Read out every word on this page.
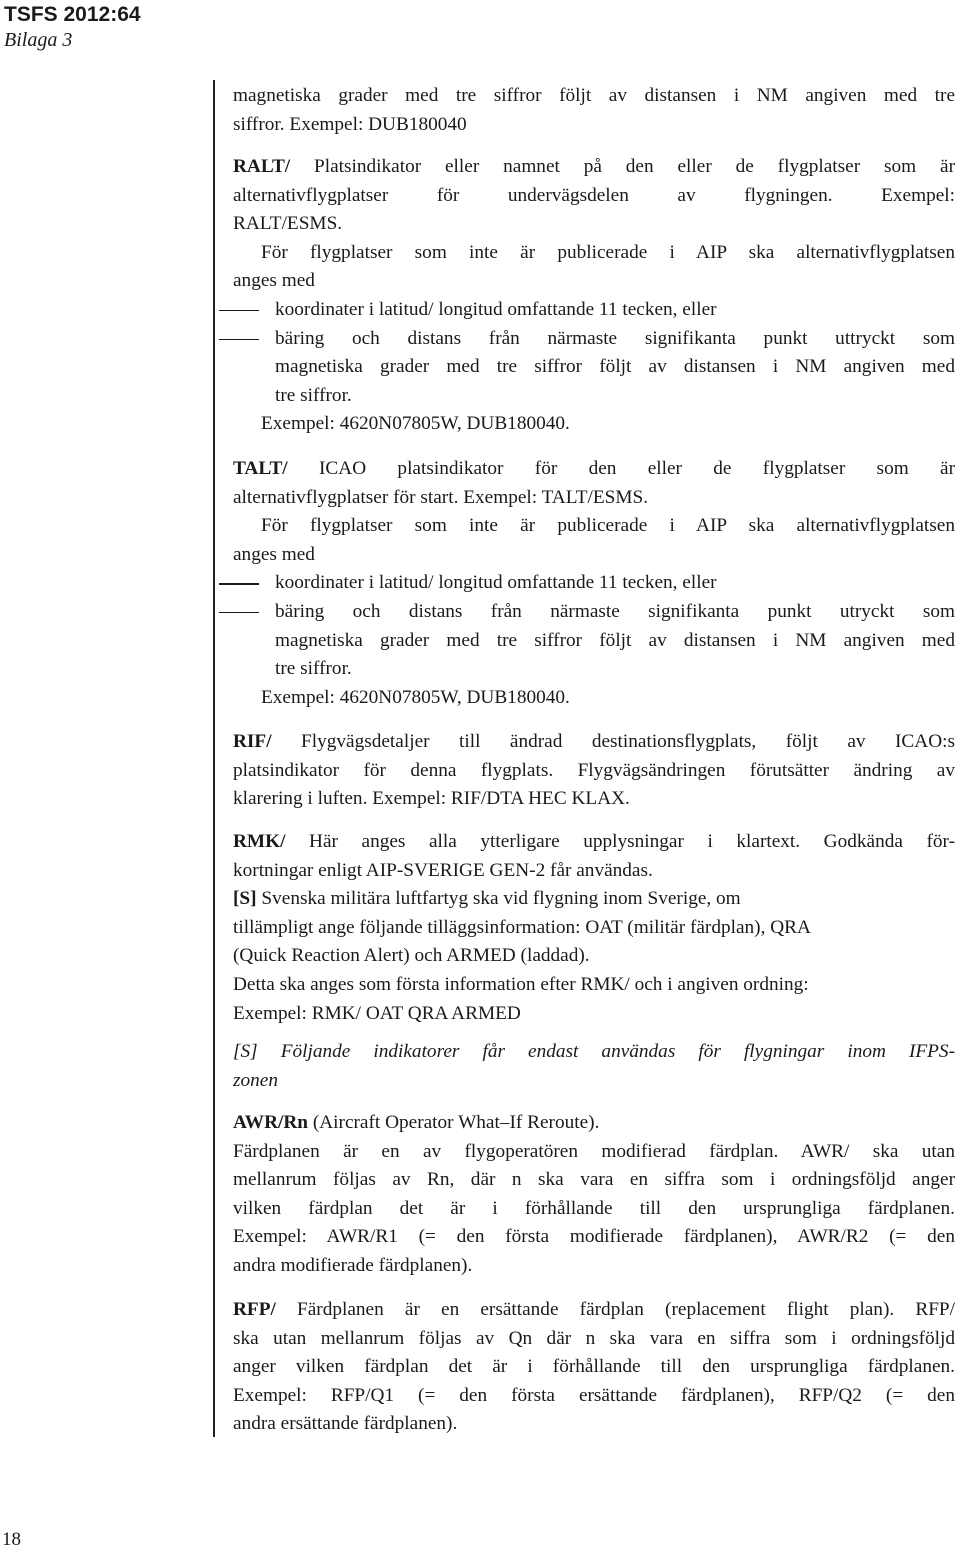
TSFS 2012:64
Bilaga 3
magnetiska grader med tre siffror följt av distansen i NM angiven med tre
siffror. Exempel: DUB180040
RALT/ Platsindikator eller namnet på den eller de flygplatser som är
alternativflygplatser för undervägsdelen av flygningen. Exempel:
RALT/ESMS.
För flygplatser som inte är publicerade i AIP ska alternativflygplatsen
anges med
koordinater i latitud/ longitud omfattande 11 tecken, eller
bäring och distans från närmaste signifikanta punkt uttryckt som
magnetiska grader med tre siffror följt av distansen i NM angiven med
tre siffror.
Exempel: 4620N07805W, DUB180040.
TALT/ ICAO platsindikator för den eller de flygplatser som är
alternativflygplatser för start. Exempel: TALT/ESMS.
För flygplatser som inte är publicerade i AIP ska alternativflygplatsen
anges med
koordinater i latitud/ longitud omfattande 11 tecken, eller
bäring och distans från närmaste signifikanta punkt utryckt som
magnetiska grader med tre siffror följt av distansen i NM angiven med
tre siffror.
Exempel: 4620N07805W, DUB180040.
RIF/ Flygvägsdetaljer till ändrad destinationsflygplats, följt av ICAO:s
platsindikator för denna flygplats. Flygvägsändringen förutsätter ändring av
klarering i luften. Exempel: RIF/DTA HEC KLAX.
RMK/ Här anges alla ytterligare upplysningar i klartext. Godkända för-
kortningar enligt AIP-SVERIGE GEN-2 får användas.
[S] Svenska militära luftfartyg ska vid flygning inom Sverige, om
tillämpligt ange följande tilläggsinformation: OAT (militär färdplan), QRA
(Quick Reaction Alert) och ARMED (laddad).
Detta ska anges som första information efter RMK/ och i angiven ordning:
Exempel: RMK/ OAT QRA ARMED
[S] Följande indikatorer får endast användas för flygningar inom IFPS-
zonen
AWR/Rn (Aircraft Operator What–If Reroute).
Färdplanen är en av flygoperatören modifierad färdplan. AWR/ ska utan
mellanrum följas av Rn, där n ska vara en siffra som i ordningsföljd anger
vilken färdplan det är i förhållande till den ursprungliga färdplanen.
Exempel: AWR/R1 (= den första modifierade färdplanen), AWR/R2 (= den
andra modifierade färdplanen).
RFP/ Färdplanen är en ersättande färdplan (replacement flight plan). RFP/
ska utan mellanrum följas av Qn där n ska vara en siffra som i ordningsföljd
anger vilken färdplan det är i förhållande till den ursprungliga färdplanen.
Exempel: RFP/Q1 (= den första ersättande färdplanen), RFP/Q2 (= den
andra ersättande färdplanen).
18
